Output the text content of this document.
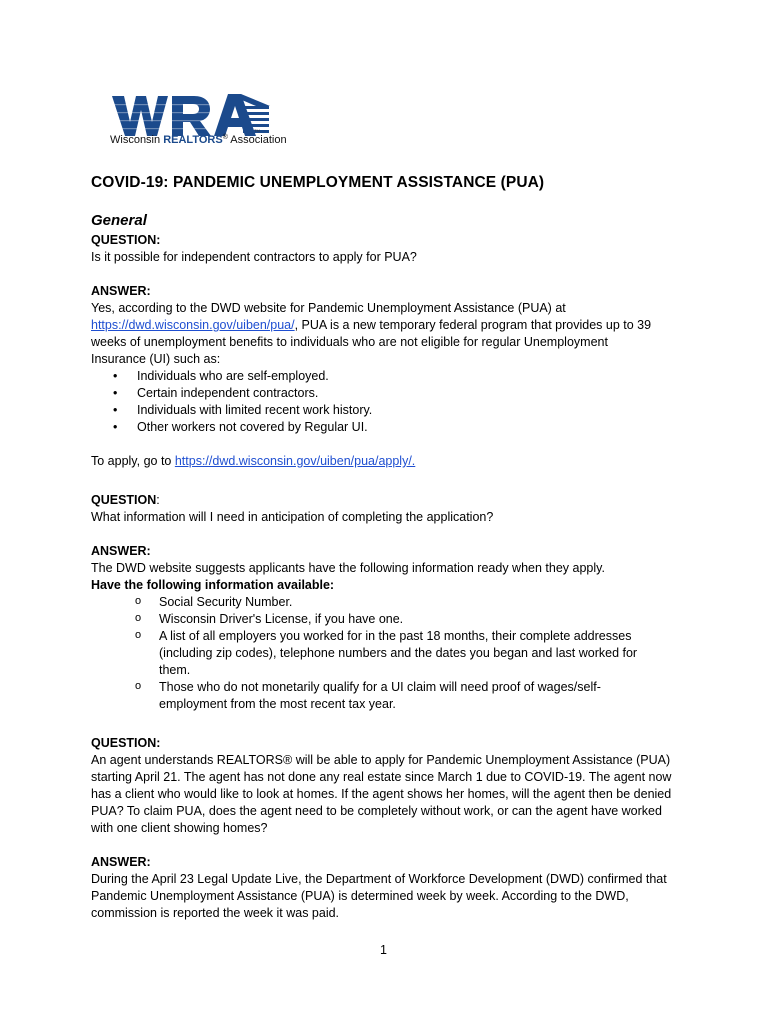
TM
Wisconsin REALTORS® Association
COVID-19: PANDEMIC UNEMPLOYMENT ASSISTANCE (PUA)
General

QUESTION:

Is it possible for independent contractors to apply for PUA?

ANSWER:

Yes, according to the DWD website for Pandemic Unemployment Assistance (PUA) at

https://dwd.wisconsin.gov/uiben/pua/, PUA is a new temporary federal program that provides up to 39

weeks of unemployment benefits to individuals who are not eligible for regular Unemployment

Insurance (UI) such as:

• Individuals who are self-employed.
• Certain independent contractors.
• Individuals with limited recent work history.
• Other workers not covered by Regular UI.

To apply, go to https://dwd.wisconsin.gov/uiben/pua/apply/.

QUESTION:

What information will I need in anticipation of completing the application?

ANSWER:

The DWD website suggests applicants have the following information ready when they apply.

Have the following information available:

o Social Security Number.
o Wisconsin Driver's License, if you have one.
o A list of all employers you worked for in the past 18 months, their complete addresses (including zip codes), telephone numbers and the dates you began and last worked for them.
o Those who do not monetarily qualify for a UI claim will need proof of wages/self-employment from the most recent tax year.

QUESTION:

An agent understands REALTORS® will be able to apply for Pandemic Unemployment Assistance (PUA) starting April 21. The agent has not done any real estate since March 1 due to COVID-19. The agent now has a client who would like to look at homes. If the agent shows her homes, will the agent then be denied PUA? To claim PUA, does the agent need to be completely without work, or can the agent have worked with one client showing homes?

ANSWER:

During the April 23 Legal Update Live, the Department of Workforce Development (DWD) confirmed that Pandemic Unemployment Assistance (PUA) is determined week by week. According to the DWD, commission is reported the week it was paid.

1
